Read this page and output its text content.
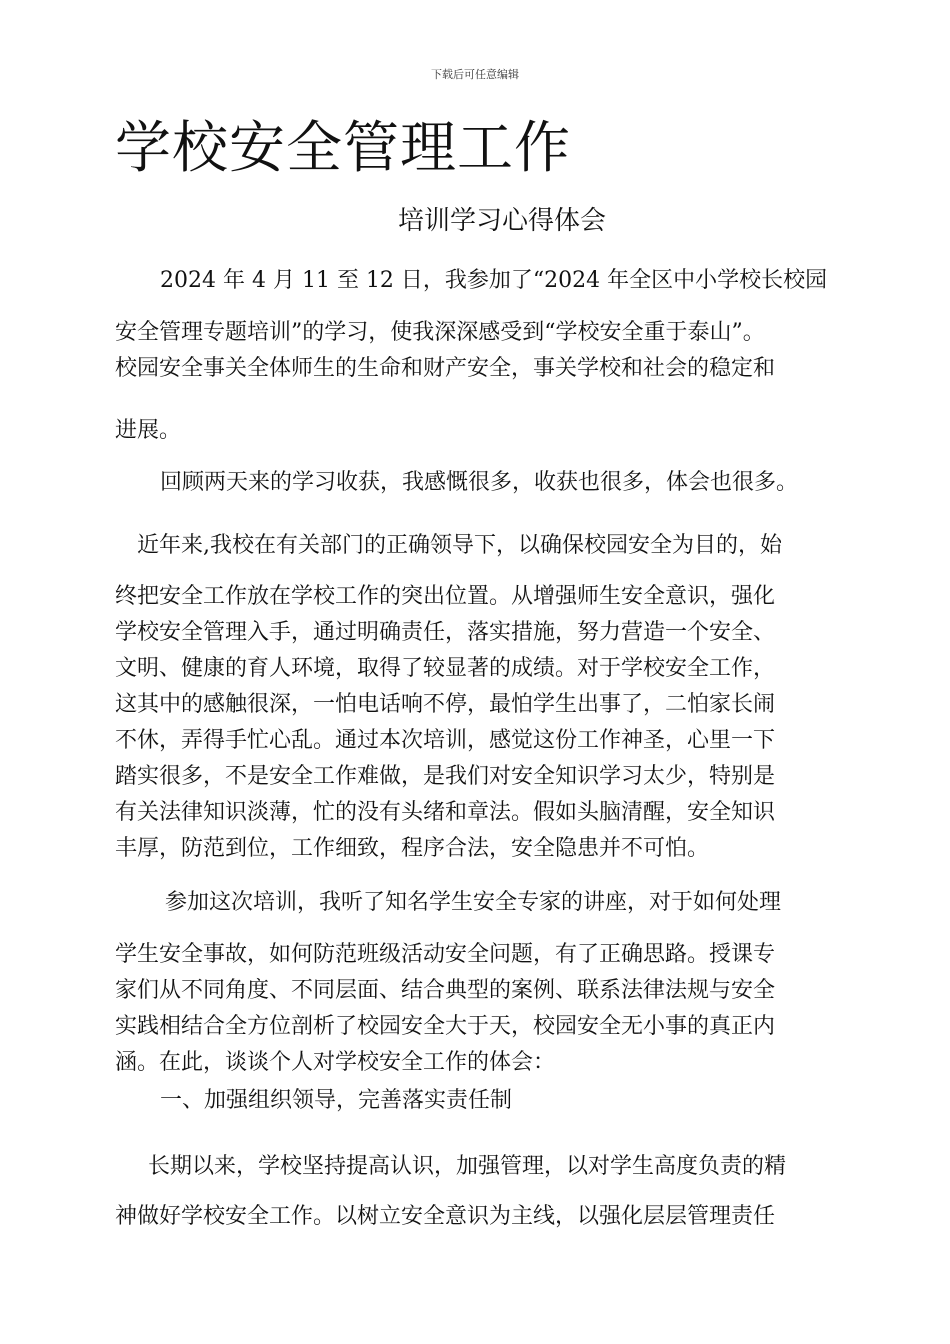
下载后可任意编辑
学校安全管理工作
培训学习心得体会
2024 年 4 月 11 至 12 日，我参加了“2024 年全区中小学校长校园
安全管理专题培训”的学习，使我深深感受到“学校安全重于泰山”。
校园安全事关全体师生的生命和财产安全，事关学校和社会的稳定和
进展。
回顾两天来的学习收获，我感慨很多，收获也很多，体会也很多。
近年来,我校在有关部门的正确领导下，以确保校园安全为目的，始
终把安全工作放在学校工作的突出位置。从增强师生安全意识，强化
学校安全管理入手，通过明确责任，落实措施，努力营造一个安全、
文明、健康的育人环境，取得了较显著的成绩。对于学校安全工作，
这其中的感触很深，一怕电话响不停，最怕学生出事了，二怕家长闹
不休，弄得手忙心乱。通过本次培训，感觉这份工作神圣，心里一下
踏实很多，不是安全工作难做，是我们对安全知识学习太少，特别是
有关法律知识淡薄，忙的没有头绪和章法。假如头脑清醒，安全知识
丰厚，防范到位，工作细致，程序合法，安全隐患并不可怕。
参加这次培训，我听了知名学生安全专家的讲座，对于如何处理
学生安全事故，如何防范班级活动安全问题，有了正确思路。授课专
家们从不同角度、不同层面、结合典型的案例、联系法律法规与安全
实践相结合全方位剖析了校园安全大于天，校园安全无小事的真正内
涵。在此，谈谈个人对学校安全工作的体会：
一、加强组织领导，完善落实责任制
长期以来，学校坚持提高认识，加强管理，以对学生高度负责的精
神做好学校安全工作。以树立安全意识为主线，以强化层层管理责任
